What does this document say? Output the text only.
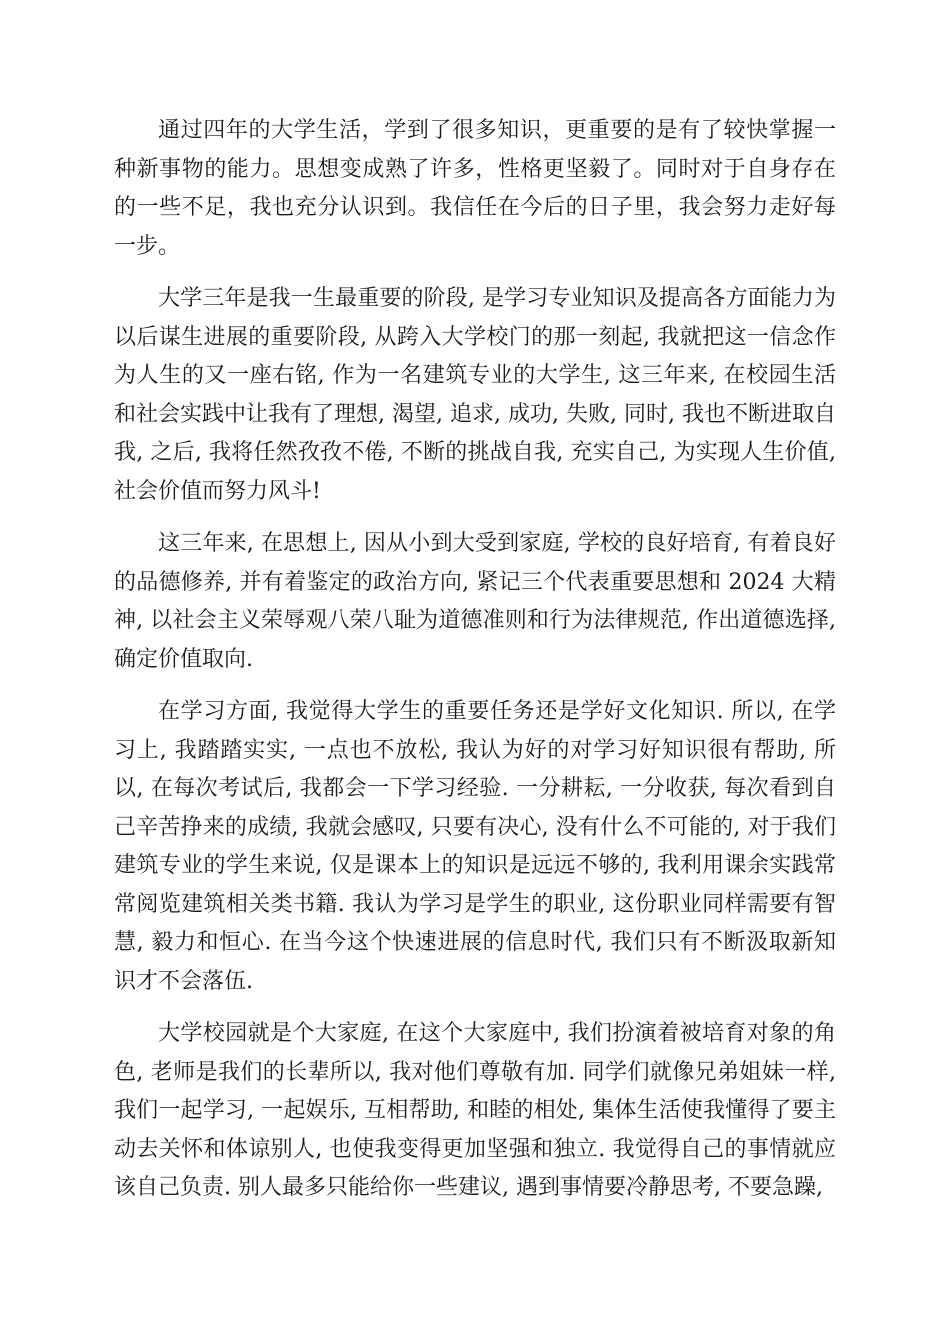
通过四年的大学生活，学到了很多知识，更重要的是有了较快掌握一种新事物的能力。思想变成熟了许多，性格更坚毅了。同时对于自身存在的一些不足，我也充分认识到。我信任在今后的日子里，我会努力走好每一步。

大学三年是我一生最重要的阶段, 是学习专业知识及提高各方面能力为以后谋生进展的重要阶段, 从跨入大学校门的那一刻起, 我就把这一信念作为人生的又一座右铭, 作为一名建筑专业的大学生, 这三年来, 在校园生活和社会实践中让我有了理想, 渴望, 追求, 成功, 失败, 同时, 我也不断进取自我, 之后, 我将任然孜孜不倦, 不断的挑战自我, 充实自己, 为实现人生价值, 社会价值而努力风斗!

这三年来, 在思想上, 因从小到大受到家庭, 学校的良好培育, 有着良好的品德修养, 并有着鉴定的政治方向, 紧记三个代表重要思想和 2024 大精神, 以社会主义荣辱观八荣八耻为道德准则和行为法律规范, 作出道德选择, 确定价值取向.

在学习方面, 我觉得大学生的重要任务还是学好文化知识. 所以, 在学习上, 我踏踏实实, 一点也不放松, 我认为好的对学习好知识很有帮助, 所以, 在每次考试后, 我都会一下学习经验. 一分耕耘, 一分收获, 每次看到自己辛苦挣来的成绩, 我就会感叹, 只要有决心, 没有什么不可能的, 对于我们建筑专业的学生来说, 仅是课本上的知识是远远不够的, 我利用课余实践常常阅览建筑相关类书籍. 我认为学习是学生的职业, 这份职业同样需要有智慧, 毅力和恒心. 在当今这个快速进展的信息时代, 我们只有不断汲取新知识才不会落伍.

大学校园就是个大家庭, 在这个大家庭中, 我们扮演着被培育对象的角色, 老师是我们的长辈所以, 我对他们尊敬有加. 同学们就像兄弟姐妹一样, 我们一起学习, 一起娱乐, 互相帮助, 和睦的相处, 集体生活使我懂得了要主动去关怀和体谅别人, 也使我变得更加坚强和独立. 我觉得自己的事情就应该自己负责. 别人最多只能给你一些建议, 遇到事情要冷静思考, 不要急躁,
